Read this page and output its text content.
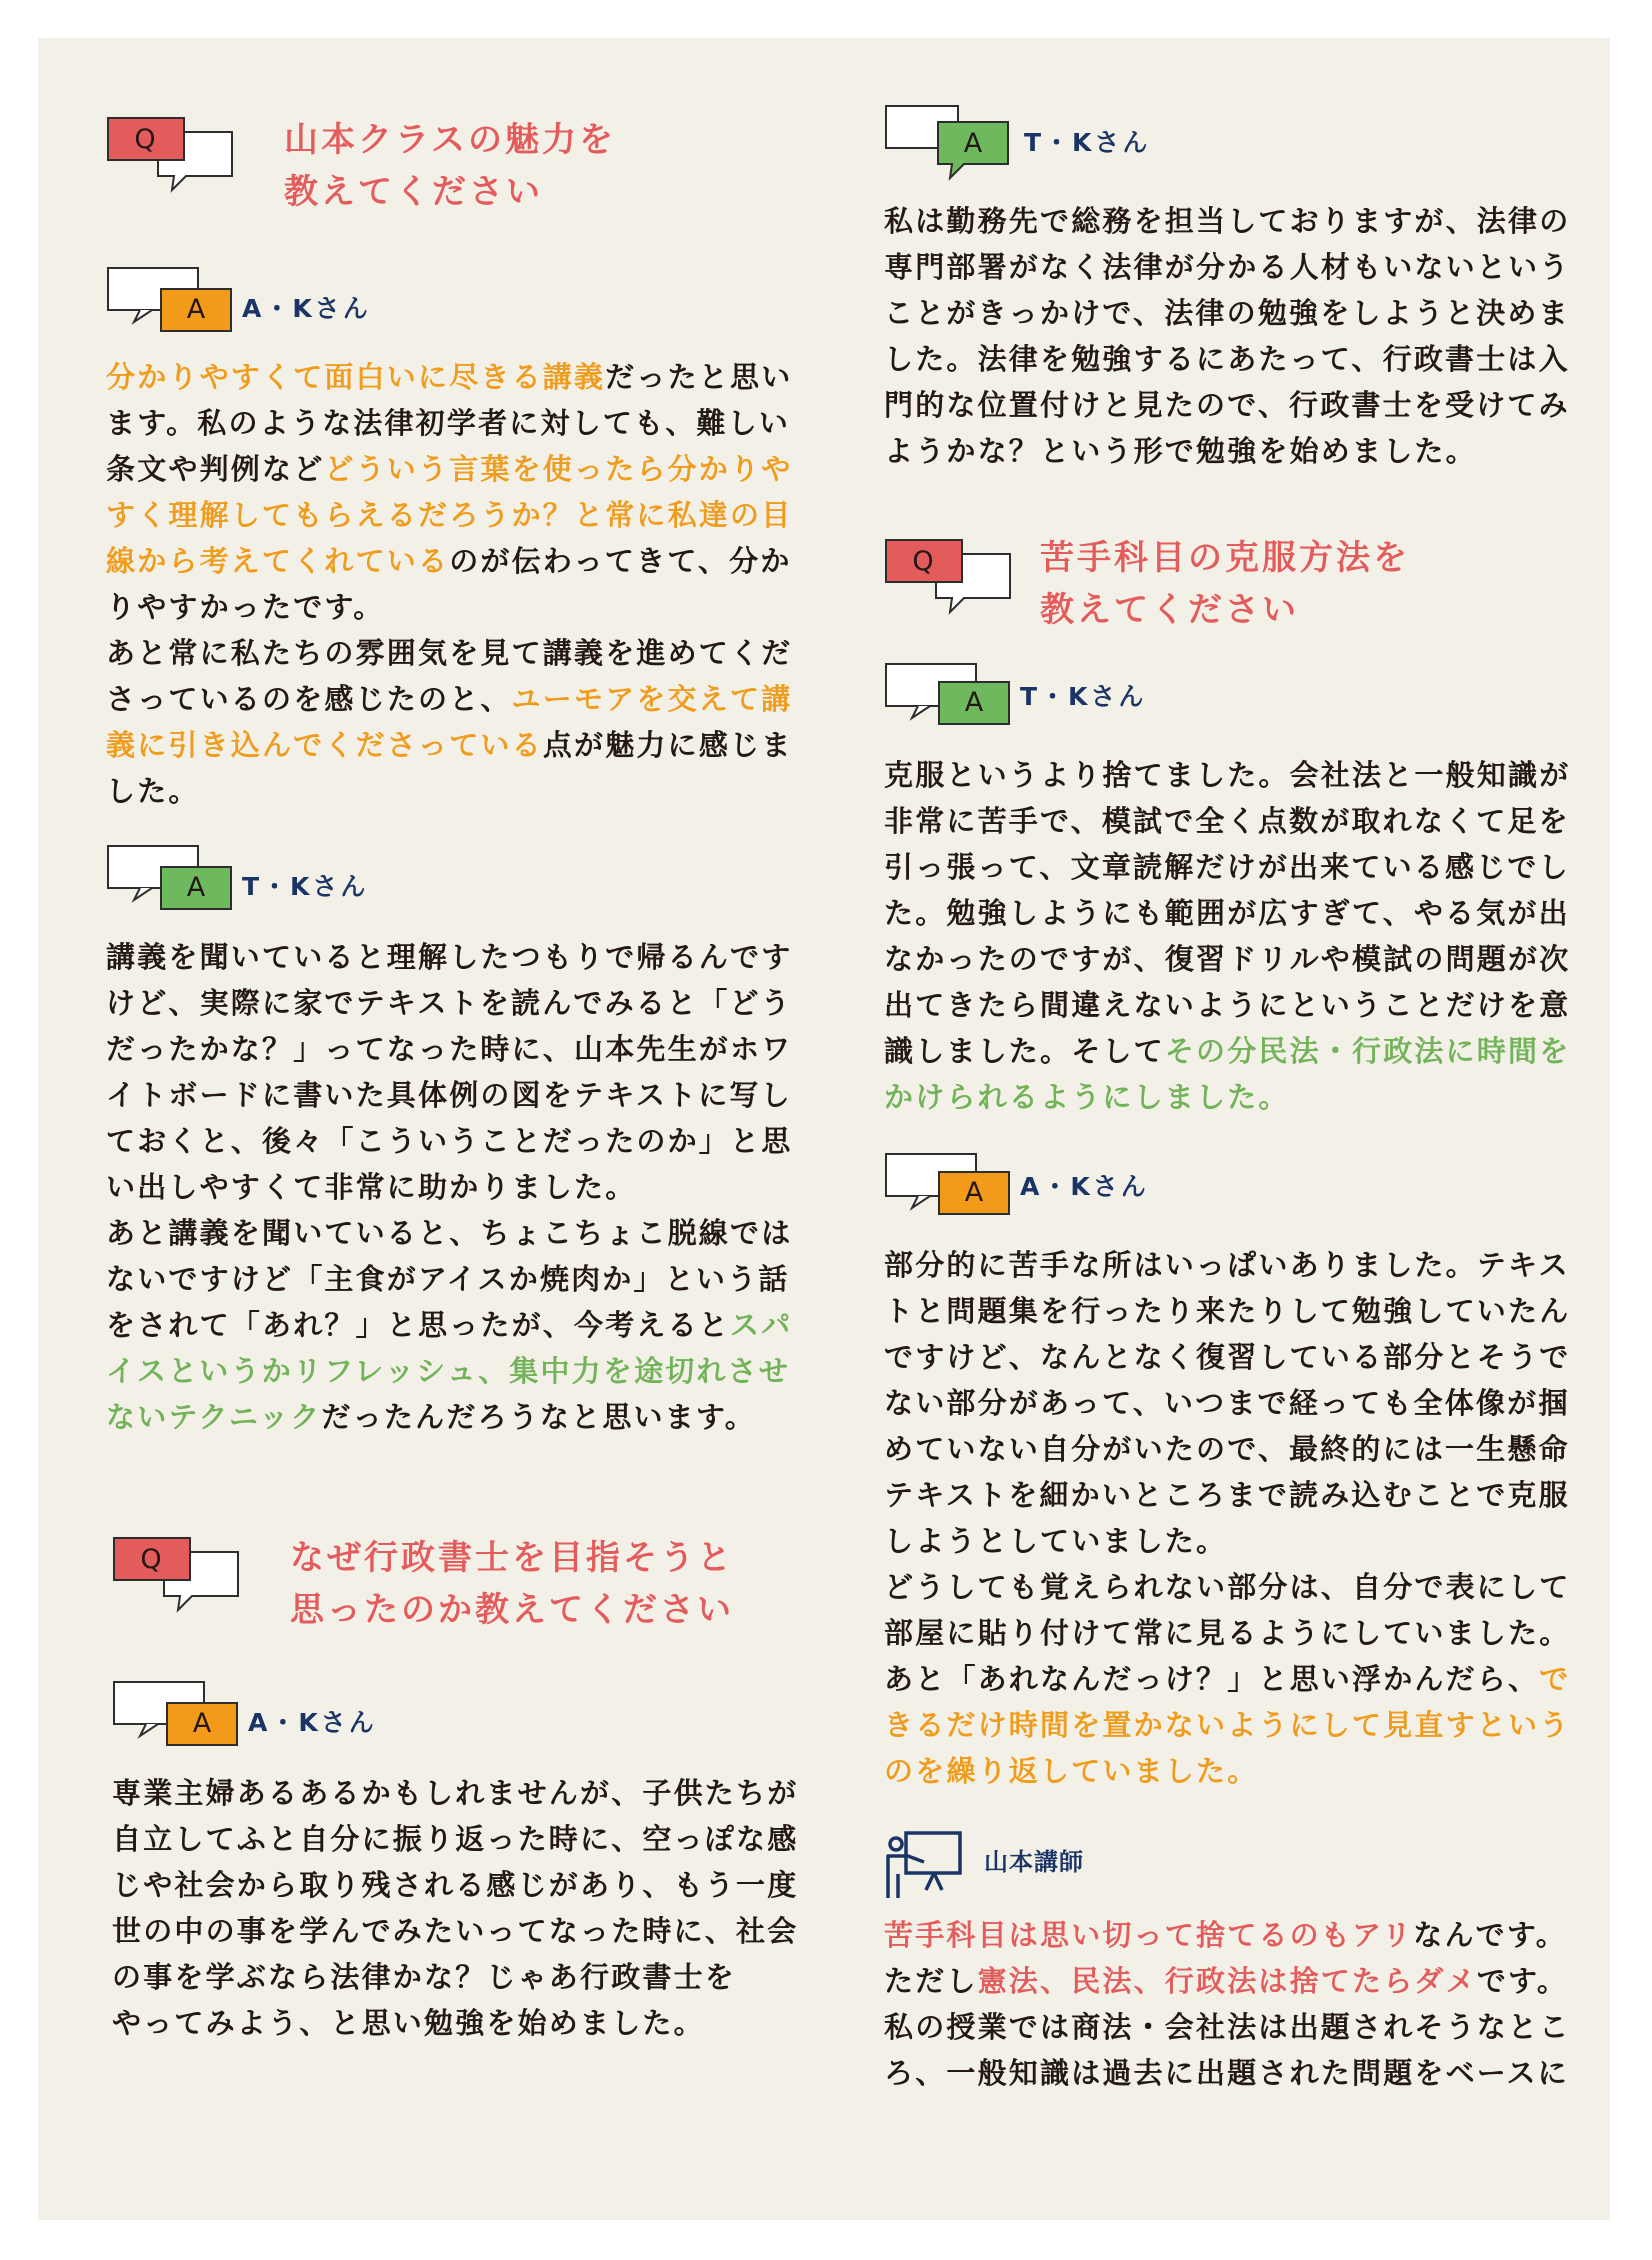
Q	山本クラスの魅力を
教えてください
A	A・Kさん
分かりやすくて面白いに尽きる講義だったと思い
ます。私のような法律初学者に対しても、難しい
条文や判例などどういう言葉を使ったら分かりや
すく理解してもらえるだろうか？と常に私達の目
線から考えてくれているのが伝わってきて、分か
りやすかったです。
あと常に私たちの雰囲気を見て講義を進めてくだ
さっているのを感じたのと、ユーモアを交えて講
義に引き込んでくださっている点が魅力に感じま
した。
A	T・Kさん
講義を聞いていると理解したつもりで帰るんです
けど、実際に家でテキストを読んでみると「どう
だったかな？」ってなった時に、山本先生がホワ
イトボードに書いた具体例の図をテキストに写し
ておくと、後々「こういうことだったのか」と思
い出しやすくて非常に助かりました。
あと講義を聞いていると、ちょこちょこ脱線では
ないですけど「主食がアイスか焼肉か」という話
をされて「あれ？」と思ったが、今考えるとスパ
イスというかリフレッシュ、集中力を途切れさせ
ないテクニックだったんだろうなと思います。
Q	なぜ行政書士を目指そうと
思ったのか教えてください
A	A・Kさん
専業主婦あるあるかもしれませんが、子供たちが
自立してふと自分に振り返った時に、空っぽな感
じや社会から取り残される感じがあり、もう一度
世の中の事を学んでみたいってなった時に、社会
の事を学ぶなら法律かな？じゃあ行政書士を
やってみよう、と思い勉強を始めました。
A	T・Kさん
私は勤務先で総務を担当しておりますが、法律の
専門部署がなく法律が分かる人材もいないという
ことがきっかけで、法律の勉強をしようと決めま
した。法律を勉強するにあたって、行政書士は入
門的な位置付けと見たので、行政書士を受けてみ
ようかな？という形で勉強を始めました。
Q	苦手科目の克服方法を
教えてください
A	T・Kさん
克服というより捨てました。会社法と一般知識が
非常に苦手で、模試で全く点数が取れなくて足を
引っ張って、文章読解だけが出来ている感じでし
た。勉強しようにも範囲が広すぎて、やる気が出
なかったのですが、復習ドリルや模試の問題が次
出てきたら間違えないようにということだけを意
識しました。そしてその分民法・行政法に時間を
かけられるようにしました。
A	A・Kさん
部分的に苦手な所はいっぱいありました。テキス
トと問題集を行ったり来たりして勉強していたん
ですけど、なんとなく復習している部分とそうで
ない部分があって、いつまで経っても全体像が掴
めていない自分がいたので、最終的には一生懸命
テキストを細かいところまで読み込むことで克服
しようとしていました。
どうしても覚えられない部分は、自分で表にして
部屋に貼り付けて常に見るようにしていました。
あと「あれなんだっけ？」と思い浮かんだら、で
きるだけ時間を置かないようにして見直すという
のを繰り返していました。
山本講師
苦手科目は思い切って捨てるのもアリなんです。
ただし憲法、民法、行政法は捨てたらダメです。
私の授業では商法・会社法は出題されそうなとこ
ろ、一般知識は過去に出題された問題をベースに
